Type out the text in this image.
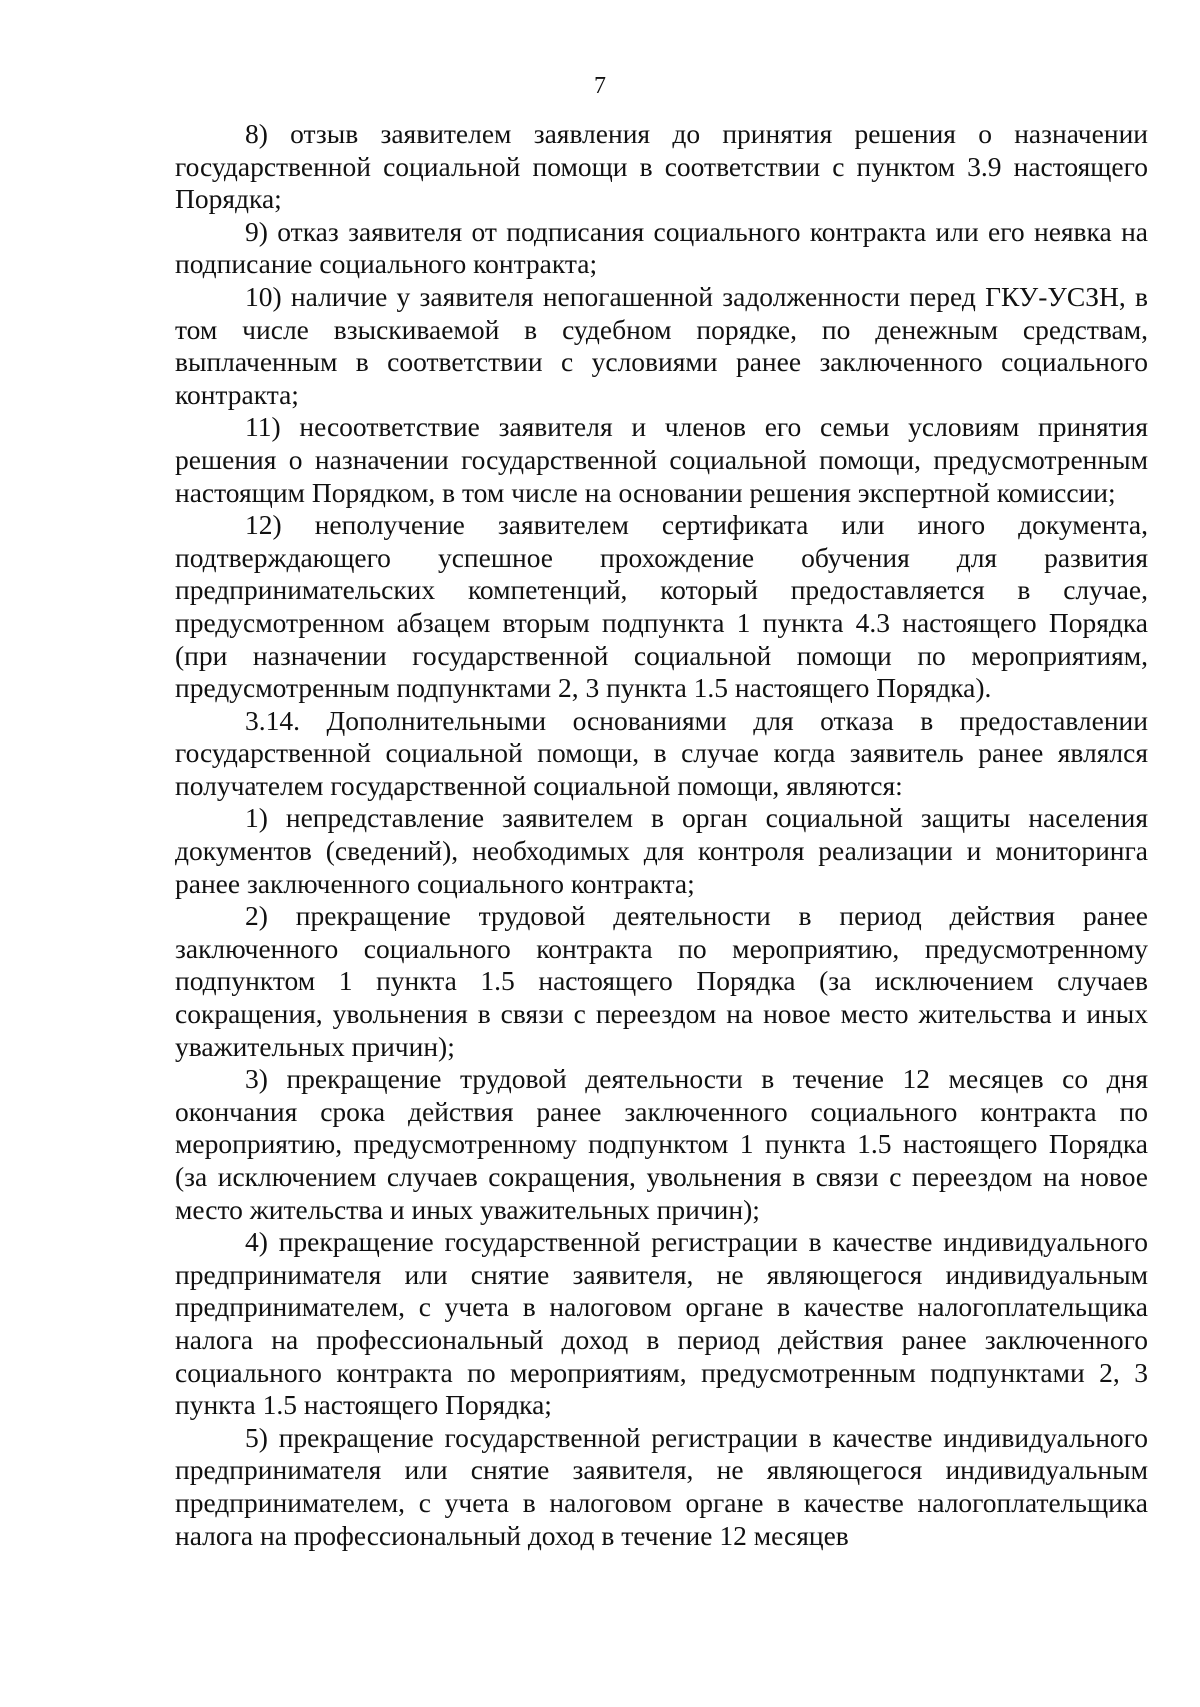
7

8) отзыв заявителем заявления до принятия решения о назначении государственной социальной помощи в соответствии с пунктом 3.9 настоящего Порядка;

9) отказ заявителя от подписания социального контракта или его неявка на подписание социального контракта;

10) наличие у заявителя непогашенной задолженности перед ГКУ-УСЗН, в том числе взыскиваемой в судебном порядке, по денежным средствам, выплаченным в соответствии с условиями ранее заключенного социального контракта;

11) несоответствие заявителя и членов его семьи условиям принятия решения о назначении государственной социальной помощи, предусмотренным настоящим Порядком, в том числе на основании решения экспертной комиссии;

12) неполучение заявителем сертификата или иного документа, подтверждающего успешное прохождение обучения для развития предпринимательских компетенций, который предоставляется в случае, предусмотренном абзацем вторым подпункта 1 пункта 4.3 настоящего Порядка (при назначении государственной социальной помощи по мероприятиям, предусмотренным подпунктами 2, 3 пункта 1.5 настоящего Порядка).

3.14. Дополнительными основаниями для отказа в предоставлении государственной социальной помощи, в случае когда заявитель ранее являлся получателем государственной социальной помощи, являются:

1) непредставление заявителем в орган социальной защиты населения документов (сведений), необходимых для контроля реализации и мониторинга ранее заключенного социального контракта;

2) прекращение трудовой деятельности в период действия ранее заключенного социального контракта по мероприятию, предусмотренному подпунктом 1 пункта 1.5 настоящего Порядка (за исключением случаев сокращения, увольнения в связи с переездом на новое место жительства и иных уважительных причин);

3) прекращение трудовой деятельности в течение 12 месяцев со дня окончания срока действия ранее заключенного социального контракта по мероприятию, предусмотренному подпунктом 1 пункта 1.5 настоящего Порядка (за исключением случаев сокращения, увольнения в связи с переездом на новое место жительства и иных уважительных причин);

4) прекращение государственной регистрации в качестве индивидуального предпринимателя или снятие заявителя, не являющегося индивидуальным предпринимателем, с учета в налоговом органе в качестве налогоплательщика налога на профессиональный доход в период действия ранее заключенного социального контракта по мероприятиям, предусмотренным подпунктами 2, 3 пункта 1.5 настоящего Порядка;

5) прекращение государственной регистрации в качестве индивидуального предпринимателя или снятие заявителя, не являющегося индивидуальным предпринимателем, с учета в налоговом органе в качестве налогоплательщика налога на профессиональный доход в течение 12 месяцев
